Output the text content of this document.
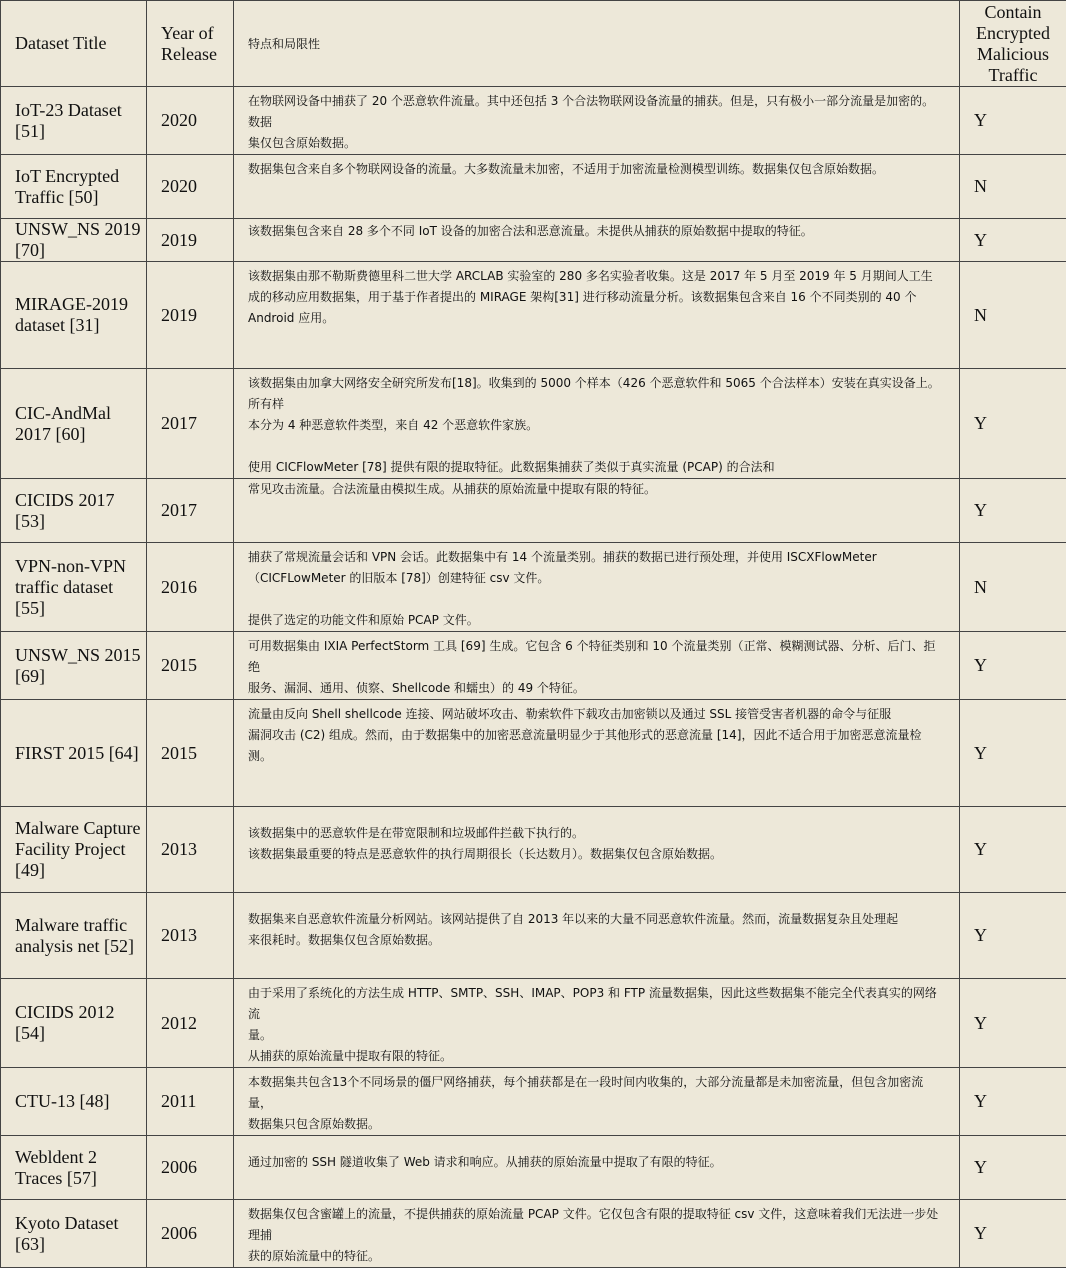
Dataset Title	Year of Release	特点和局限性	Contain Encrypted Malicious Traffic
IoT-23 Dataset [51]	2020	在物联网设备中捕获了 20 个恶意软件流量。其中还包括 3 个合法物联网设备流量的捕获。但是，只有极小一部分流量是加密的。数据
集仅包含原始数据。	Y
IoT Encrypted Traffic [50]	2020	数据集包含来自多个物联网设备的流量。大多数流量未加密，不适用于加密流量检测模型训练。数据集仅包含原始数据。	N
UNSW_NS 2019 [70]	2019	该数据集包含来自 28 多个不同 IoT 设备的加密合法和恶意流量。未提供从捕获的原始数据中提取的特征。	Y
MIRAGE-2019 dataset [31]	2019	该数据集由那不勒斯费德里科二世大学 ARCLAB 实验室的 280 多名实验者收集。这是 2017 年 5 月至 2019 年 5 月期间人工生
成的移动应用数据集，用于基于作者提出的 MIRAGE 架构[31] 进行移动流量分析。该数据集包含来自 16 个不同类别的 40 个
Android 应用。	N
CIC-AndMal 2017 [60]	2017	该数据集由加拿大网络安全研究所发布[18]。收集到的 5000 个样本（426 个恶意软件和 5065 个合法样本）安装在真实设备上。所有样
本分为 4 种恶意软件类型，来自 42 个恶意软件家族。
使用 CICFlowMeter [78] 提供有限的提取特征。此数据集捕获了类似于真实流量 (PCAP) 的合法和	Y
CICIDS 2017 [53]	2017	常见攻击流量。合法流量由模拟生成。从捕获的原始流量中提取有限的特征。	Y
VPN-non-VPN traffic dataset [55]	2016	捕获了常规流量会话和 VPN 会话。此数据集中有 14 个流量类别。捕获的数据已进行预处理，并使用 ISCXFlowMeter
（CICFLowMeter 的旧版本 [78]）创建特征 csv 文件。
提供了选定的功能文件和原始 PCAP 文件。	N
UNSW_NS 2015 [69]	2015	可用数据集由 IXIA PerfectStorm 工具 [69] 生成。它包含 6 个特征类别和 10 个流量类别（正常、模糊测试器、分析、后门、拒绝
服务、漏洞、通用、侦察、Shellcode 和蠕虫）的 49 个特征。	Y
FIRST 2015 [64]	2015	流量由反向 Shell shellcode 连接、网站破坏攻击、勒索软件下载攻击加密锁以及通过 SSL 接管受害者机器的命令与征服
漏洞攻击 (C2) 组成。然而，由于数据集中的加密恶意流量明显少于其他形式的恶意流量 [14]，因此不适合用于加密恶意流量检
测。	Y
Malware Capture Facility Project [49]	2013	该数据集中的恶意软件是在带宽限制和垃圾邮件拦截下执行的。
该数据集最重要的特点是恶意软件的执行周期很长（长达数月）。数据集仅包含原始数据。	Y
Malware traffic analysis net [52]	2013	数据集来自恶意软件流量分析网站。该网站提供了自 2013 年以来的大量不同恶意软件流量。然而，流量数据复杂且处理起
来很耗时。数据集仅包含原始数据。	Y
CICIDS 2012 [54]	2012	由于采用了系统化的方法生成 HTTP、SMTP、SSH、IMAP、POP3 和 FTP 流量数据集，因此这些数据集不能完全代表真实的网络流
量。
从捕获的原始流量中提取有限的特征。	Y
CTU-13 [48]	2011	本数据集共包含13个不同场景的僵尸网络捕获，每个捕获都是在一段时间内收集的，大部分流量都是未加密流量，但包含加密流量，
数据集只包含原始数据。	Y
Webldent 2 Traces [57]	2006	通过加密的 SSH 隧道收集了 Web 请求和响应。从捕获的原始流量中提取了有限的特征。	Y
Kyoto Dataset [63]	2006	数据集仅包含蜜罐上的流量，不提供捕获的原始流量 PCAP 文件。它仅包含有限的提取特征 csv 文件，这意味着我们无法进一步处理捕
获的原始流量中的特征。	Y
